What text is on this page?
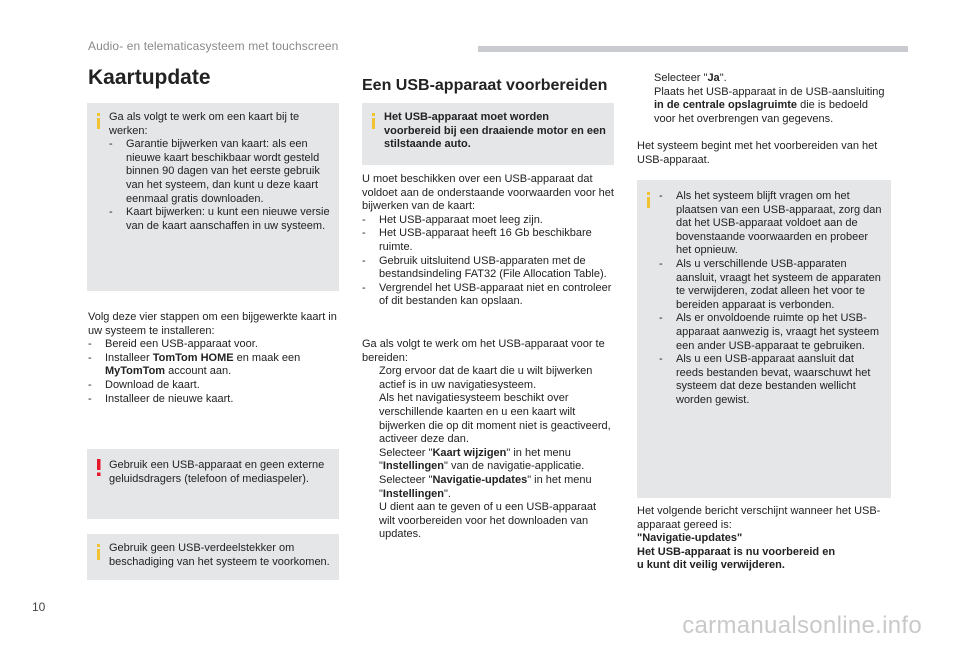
Audio- en telematicasysteem met touchscreen
Kaartupdate
Ga als volgt te werk om een kaart bij te werken:
-	Garantie bijwerken van kaart: als een nieuwe kaart beschikbaar wordt gesteld binnen 90 dagen van het eerste gebruik van het systeem, dan kunt u deze kaart eenmaal gratis downloaden.
-	Kaart bijwerken: u kunt een nieuwe versie van de kaart aanschaffen in uw systeem.
Volg deze vier stappen om een bijgewerkte kaart in uw systeem te installeren:
-	Bereid een USB-apparaat voor.
-	Installeer TomTom HOME en maak een MyTomTom account aan.
-	Download de kaart.
-	Installeer de nieuwe kaart.
Gebruik een USB-apparaat en geen externe geluidsdragers (telefoon of mediaspeler).
Gebruik geen USB-verdeelstekker om beschadiging van het systeem te voorkomen.
Een USB-apparaat voorbereiden
Het USB-apparaat moet worden voorbereid bij een draaiende motor en een stilstaande auto.
U moet beschikken over een USB-apparaat dat voldoet aan de onderstaande voorwaarden voor het bijwerken van de kaart:
-	Het USB-apparaat moet leeg zijn.
-	Het USB-apparaat heeft 16 Gb beschikbare ruimte.
-	Gebruik uitsluitend USB-apparaten met de bestandsindeling FAT32 (File Allocation Table).
-	Vergrendel het USB-apparaat niet en controleer of dit bestanden kan opslaan.
Ga als volgt te werk om het USB-apparaat voor te bereiden:
Zorg ervoor dat de kaart die u wilt bijwerken actief is in uw navigatiesysteem.
Als het navigatiesysteem beschikt over verschillende kaarten en u een kaart wilt bijwerken die op dit moment niet is geactiveerd, activeer deze dan.
Selecteer "Kaart wijzigen" in het menu "Instellingen" van de navigatie-applicatie.
Selecteer "Navigatie-updates" in het menu "Instellingen".
U dient aan te geven of u een USB-apparaat wilt voorbereiden voor het downloaden van updates.
Selecteer "Ja".
Plaats het USB-apparaat in de USB-aansluiting in de centrale opslagruimte die is bedoeld voor het overbrengen van gegevens.
Het systeem begint met het voorbereiden van het USB-apparaat.
-	Als het systeem blijft vragen om het plaatsen van een USB-apparaat, zorg dan dat het USB-apparaat voldoet aan de bovenstaande voorwaarden en probeer het opnieuw.
-	Als u verschillende USB-apparaten aansluit, vraagt het systeem de apparaten te verwijderen, zodat alleen het voor te bereiden apparaat is verbonden.
-	Als er onvoldoende ruimte op het USB-apparaat aanwezig is, vraagt het systeem een ander USB-apparaat te gebruiken.
-	Als u een USB-apparaat aansluit dat reeds bestanden bevat, waarschuwt het systeem dat deze bestanden wellicht worden gewist.
Het volgende bericht verschijnt wanneer het USB-apparaat gereed is:
"Navigatie-updates"
Het USB-apparaat is nu voorbereid en
u kunt dit veilig verwijderen.
10
carmanualsonline.info
